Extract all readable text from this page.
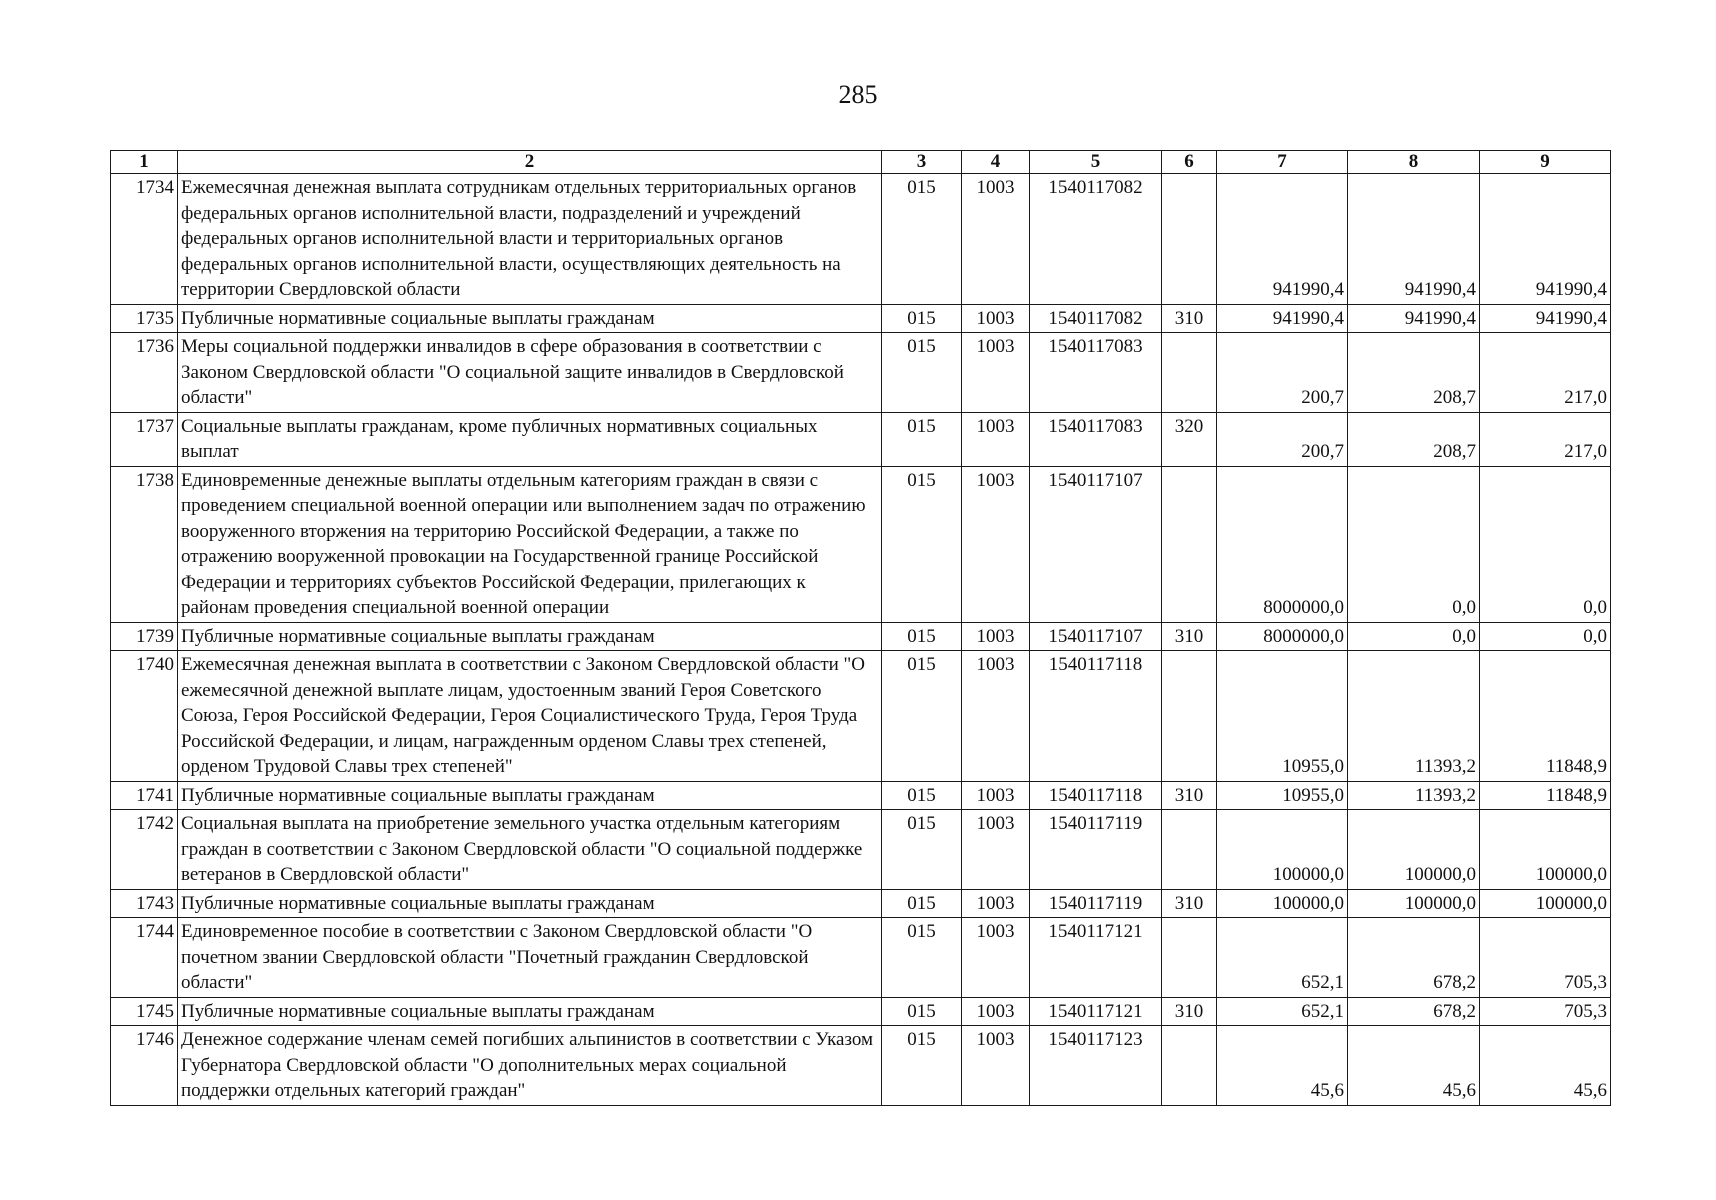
285
1	2	3	4	5	6	7	8	9
1734	Ежемесячная денежная выплата сотрудникам отдельных территориальных органов федеральных органов исполнительной власти, подразделений и учреждений федеральных органов исполнительной власти и территориальных органов федеральных органов исполнительной власти, осуществляющих деятельность на территории Свердловской области	015	1003	1540117082		941990,4	941990,4	941990,4
1735	Публичные нормативные социальные выплаты гражданам	015	1003	1540117082	310	941990,4	941990,4	941990,4
1736	Меры социальной поддержки инвалидов в сфере образования в соответствии с Законом Свердловской области "О социальной защите инвалидов в Свердловской области"	015	1003	1540117083		200,7	208,7	217,0
1737	Социальные выплаты гражданам, кроме публичных нормативных социальных выплат	015	1003	1540117083	320	200,7	208,7	217,0
1738	Единовременные денежные выплаты отдельным категориям граждан в связи с проведением специальной военной операции или выполнением задач по отражению вооруженного вторжения на территорию Российской Федерации, а также по отражению вооруженной провокации на Государственной границе Российской Федерации и территориях субъектов Российской Федерации, прилегающих к районам проведения специальной военной операции	015	1003	1540117107		8000000,0	0,0	0,0
1739	Публичные нормативные социальные выплаты гражданам	015	1003	1540117107	310	8000000,0	0,0	0,0
1740	Ежемесячная денежная выплата в соответствии с Законом Свердловской области "О ежемесячной денежной выплате лицам, удостоенным званий Героя Советского Союза, Героя Российской Федерации, Героя Социалистического Труда, Героя Труда Российской Федерации, и лицам, награжденным орденом Славы трех степеней, орденом Трудовой Славы трех степеней"	015	1003	1540117118		10955,0	11393,2	11848,9
1741	Публичные нормативные социальные выплаты гражданам	015	1003	1540117118	310	10955,0	11393,2	11848,9
1742	Социальная выплата на приобретение земельного участка отдельным категориям граждан в соответствии с Законом Свердловской области "О социальной поддержке ветеранов в Свердловской области"	015	1003	1540117119		100000,0	100000,0	100000,0
1743	Публичные нормативные социальные выплаты гражданам	015	1003	1540117119	310	100000,0	100000,0	100000,0
1744	Единовременное пособие в соответствии с Законом Свердловской области "О почетном звании Свердловской области "Почетный гражданин Свердловской области"	015	1003	1540117121		652,1	678,2	705,3
1745	Публичные нормативные социальные выплаты гражданам	015	1003	1540117121	310	652,1	678,2	705,3
1746	Денежное содержание членам семей погибших альпинистов в соответствии с Указом Губернатора Свердловской области "О дополнительных мерах социальной поддержки отдельных категорий граждан"	015	1003	1540117123		45,6	45,6	45,6
